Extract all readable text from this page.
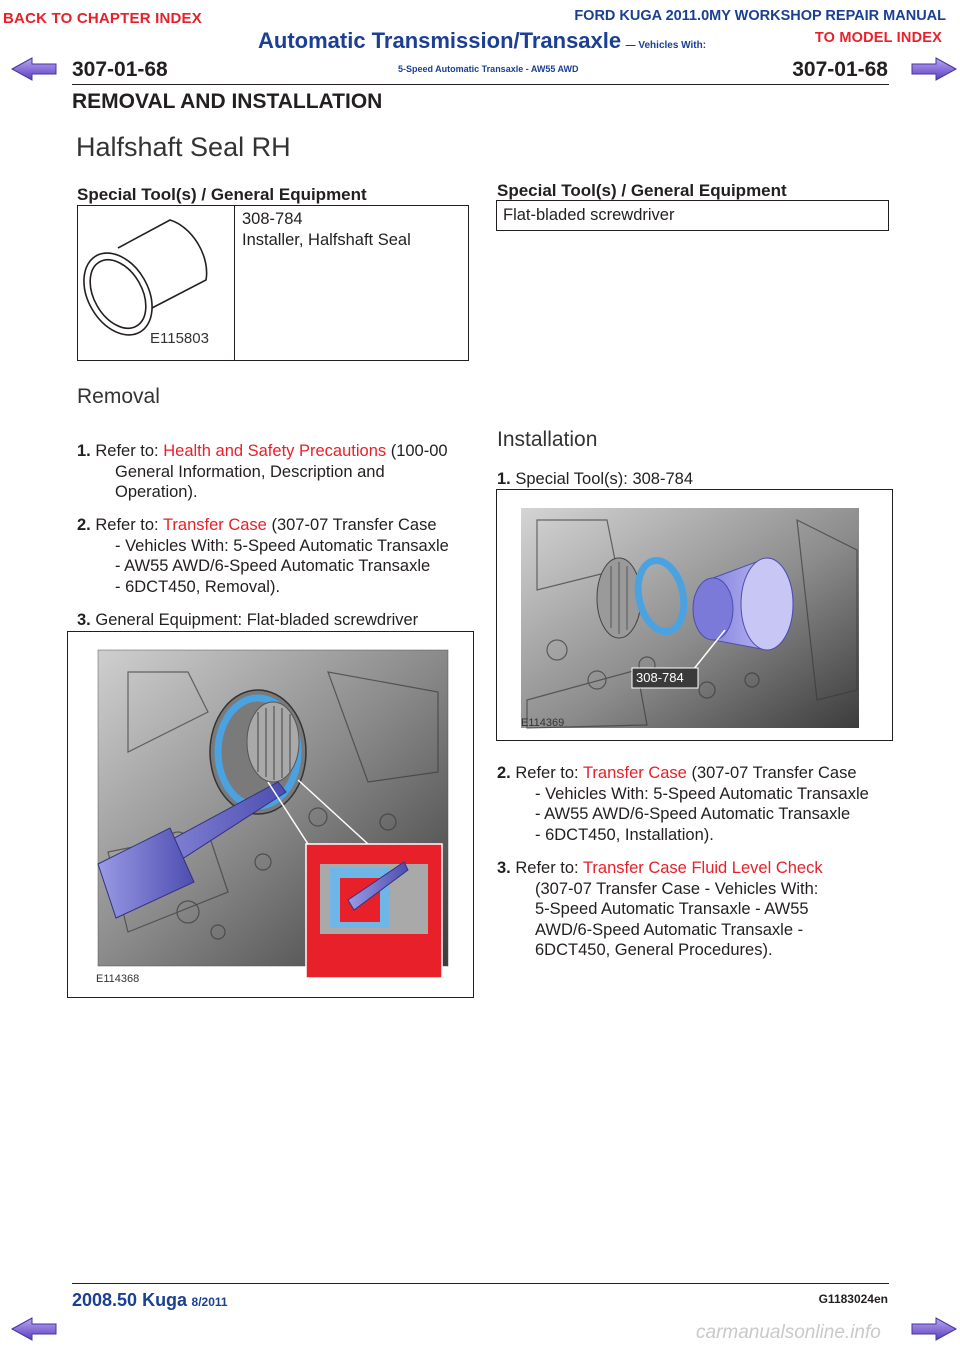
BACK TO CHAPTER INDEX	FORD KUGA 2011.0MY WORKSHOP REPAIR MANUAL
TO MODEL INDEX
Automatic Transmission/Transaxle — Vehicles With:
5-Speed Automatic Transaxle - AW55 AWD
307-01-68	307-01-68
REMOVAL AND INSTALLATION
Halfshaft Seal RH
Special Tool(s) / General Equipment
E115803
308-784
Installer, Halfshaft Seal
Special Tool(s) / General Equipment
Flat-bladed screwdriver
Removal
1. Refer to: Health and Safety Precautions (100-00
General Information, Description and
Operation).
2. Refer to: Transfer Case (307-07 Transfer Case
- Vehicles With: 5-Speed Automatic Transaxle
- AW55 AWD/6-Speed Automatic Transaxle
- 6DCT450, Removal).
3. General Equipment: Flat-bladed screwdriver
E114368
Installation
1. Special Tool(s): 308-784
308-784
E114369
2. Refer to: Transfer Case (307-07 Transfer Case
- Vehicles With: 5-Speed Automatic Transaxle
- AW55 AWD/6-Speed Automatic Transaxle
- 6DCT450, Installation).
3. Refer to: Transfer Case Fluid Level Check
(307-07 Transfer Case - Vehicles With:
5-Speed Automatic Transaxle - AW55
AWD/6-Speed Automatic Transaxle -
6DCT450, General Procedures).
2008.50 Kuga 8/2011	G1183024en
carmanualsonline.info
